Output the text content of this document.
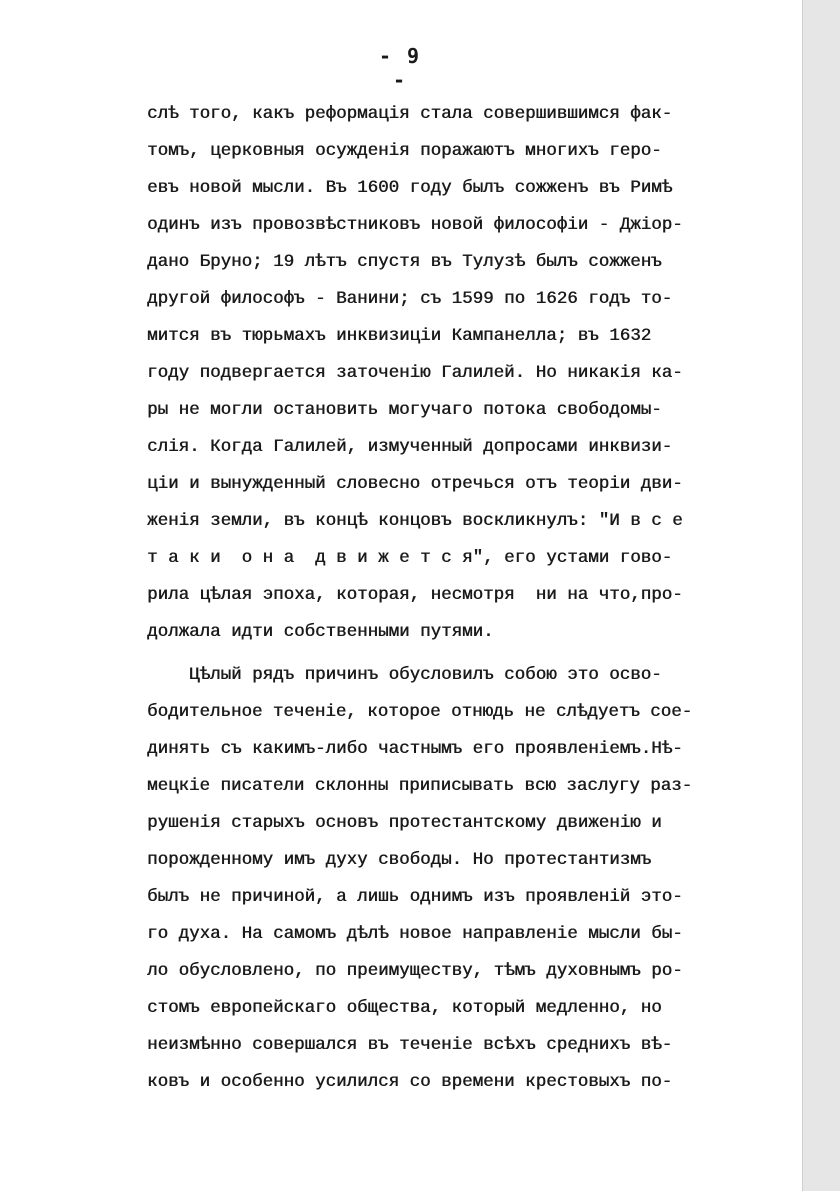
- 9 -
слѣ того, какъ реформація стала совершившимся фак-
томъ, церковныя осужденія поражаютъ многихъ геро-
евъ новой мысли. Въ 1600 году былъ сожженъ въ Римѣ
одинъ изъ провозвѣстниковъ новой философіи - Джіор-
дано Бруно; 19 лѣтъ спустя въ Тулузѣ былъ сожженъ
другой философъ - Ванини; съ 1599 по 1626 годъ то-
мится въ тюрьмахъ инквизиціи Кампанелла; въ 1632
году подвергается заточенію Галилей. Но никакія ка-
ры не могли остановить могучаго потока свободомы-
слія. Когда Галилей, измученный допросами инквизи-
ціи и вынужденный словесно отречься отъ теоріи дви-
женія земли, въ концѣ концовъ воскликнулъ: "И в с е
т а к и  о н а  д в и ж е т с я", его устами гово-
рила цѣлая эпоха, которая, несмотря  ни на что,про-
должала идти собственными путями.
Цѣлый рядъ причинъ обусловилъ собою это осво-
бодительное теченіе, которое отнюдь не слѣдуетъ сое-
динять съ какимъ-либо частнымъ его проявленіемъ.Нѣ-
мецкіе писатели склонны приписывать всю заслугу раз-
рушенія старыхъ основъ протестантскому движенію и
порожденному имъ духу свободы. Но протестантизмъ
былъ не причиной, а лишь однимъ изъ проявленій это-
го духа. На самомъ дѣлѣ новое направленіе мысли бы-
ло обусловлено, по преимуществу, тѣмъ духовнымъ ро-
стомъ европейскаго общества, который медленно, но
неизмѣнно совершался въ теченіе всѣхъ среднихъ вѣ-
ковъ и особенно усилился со времени крестовыхъ по-
